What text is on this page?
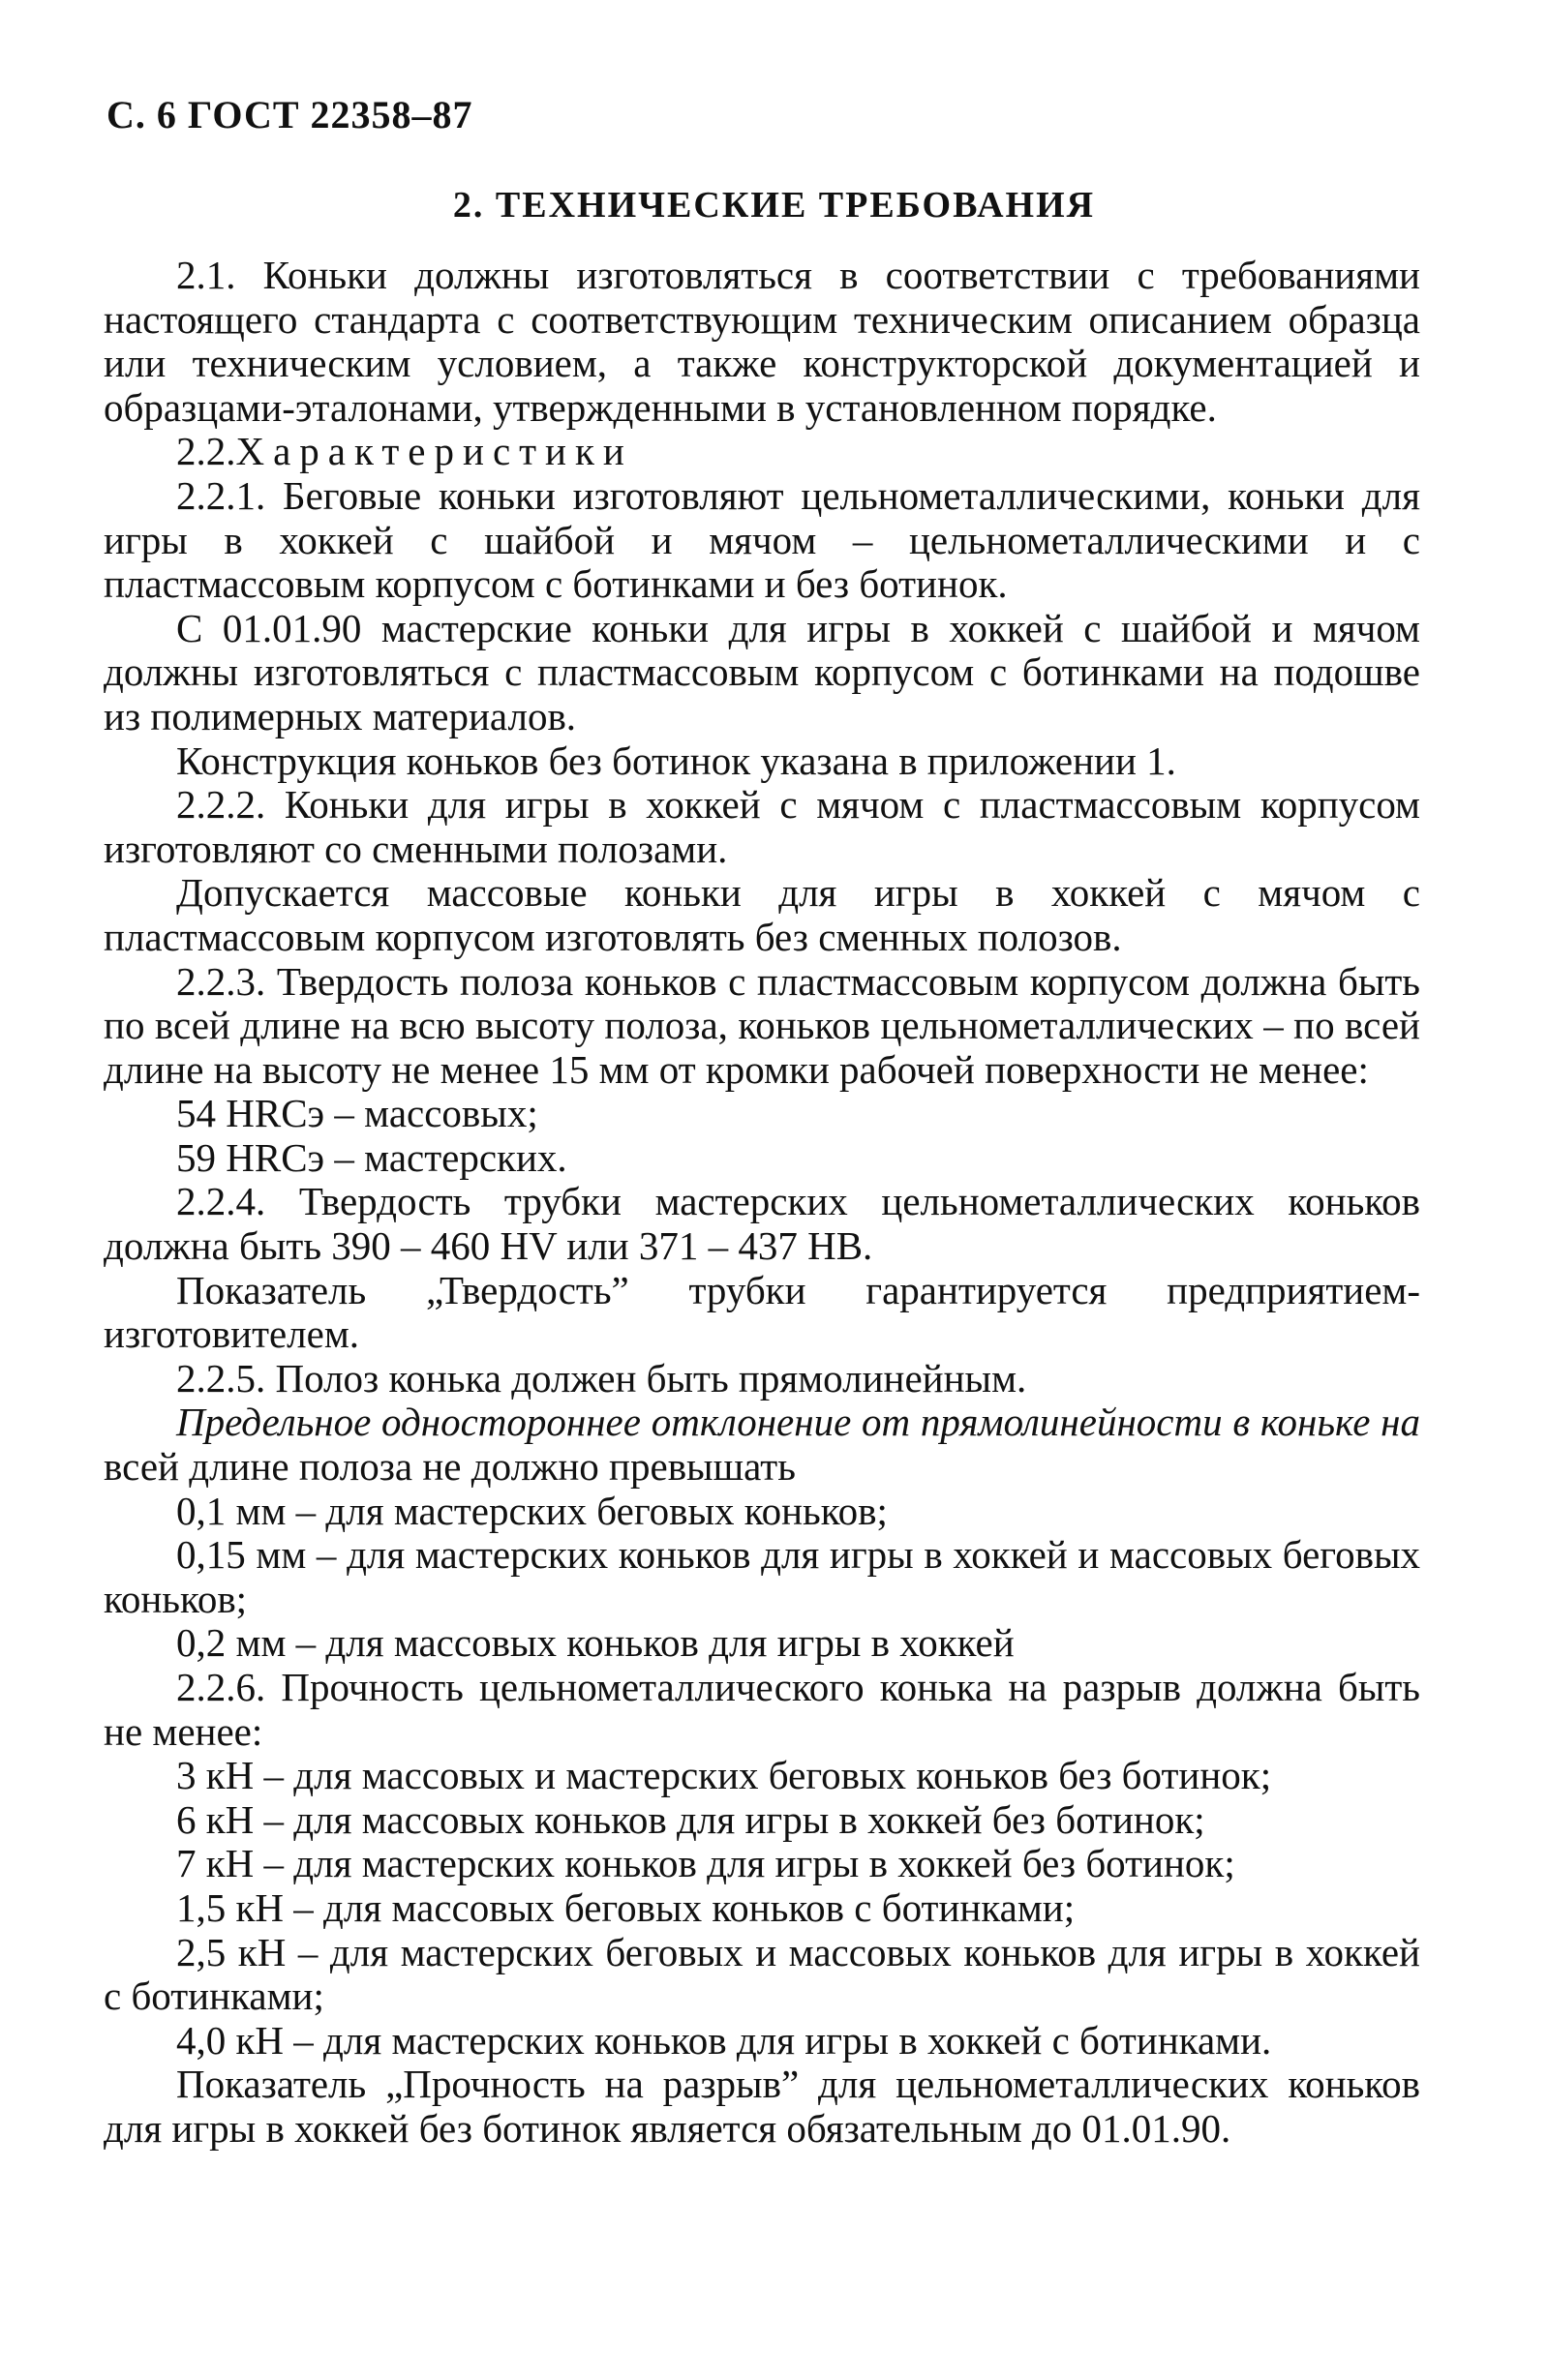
С. 6 ГОСТ 22358–87
2. ТЕХНИЧЕСКИЕ ТРЕБОВАНИЯ

2.1. Коньки должны изготовляться в соответствии с требованиями настоящего стандарта с соответствующим техническим описанием образца или техническим условием, а также конструкторской документацией и образцами-эталонами, утвержденными в установленном порядке.

2.2.Характеристики

2.2.1. Беговые коньки изготовляют цельнометаллическими, коньки для игры в хоккей с шайбой и мячом – цельнометаллическими и с пластмассовым корпусом с ботинками и без ботинок.

С 01.01.90 мастерские коньки для игры в хоккей с шайбой и мячом должны изготовляться с пластмассовым корпусом с ботинками на подошве из полимерных материалов.

Конструкция коньков без ботинок указана в приложении 1.

2.2.2. Коньки для игры в хоккей с мячом с пластмассовым корпусом изготовляют со сменными полозами.

Допускается массовые коньки для игры в хоккей с мячом с пластмассовым корпусом изготовлять без сменных полозов.

2.2.3. Твердость полоза коньков с пластмассовым корпусом должна быть по всей длине на всю высоту полоза, коньков цельнометаллических – по всей длине на высоту не менее 15 мм от кромки рабочей поверхности не менее:

54 HRCэ – массовых;

59 HRCэ – мастерских.

2.2.4. Твердость трубки мастерских цельнометаллических коньков должна быть 390 – 460 HV или 371 – 437 HB.

Показатель „Твердость” трубки гарантируется предприятием-изготовителем.

2.2.5. Полоз конька должен быть прямолинейным.

Предельное одностороннее отклонение от прямолинейности в коньке на всей длине полоза не должно превышать

0,1 мм – для мастерских беговых коньков;

0,15 мм – для мастерских коньков для игры в хоккей и массовых беговых коньков;

0,2 мм – для массовых коньков для игры в хоккей

2.2.6. Прочность цельнометаллического конька на разрыв должна быть не менее:

3 кН – для массовых и мастерских беговых коньков без ботинок;

6 кН – для массовых коньков для игры в хоккей без ботинок;

7 кН – для мастерских коньков для игры в хоккей без ботинок;

1,5 кН – для массовых беговых коньков с ботинками;

2,5 кН – для мастерских беговых и массовых коньков для игры в хоккей с ботинками;

4,0 кН – для мастерских коньков для игры в хоккей с ботинками.

Показатель „Прочность на разрыв” для цельнометаллических коньков для игры в хоккей без ботинок является обязательным до 01.01.90.
